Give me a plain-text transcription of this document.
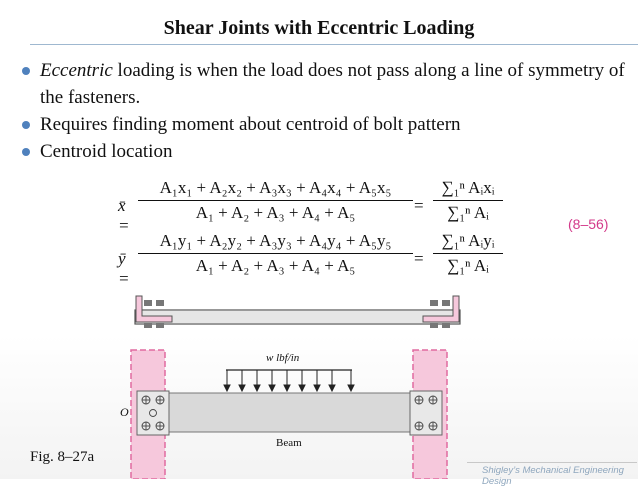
Shear Joints with Eccentric Loading
Eccentric loading is when the load does not pass along a line of symmetry of the fasteners.
Requires finding moment about centroid of bolt pattern
Centroid location
x̄ =
$\frac{\text{A₁x₁ + A₂x₂ + A₃x₃ + A₄x₄ + A₅x₅}}{\text{A₁ + A₂ + A₃ + A₄ + A₅}}$ =
∑₁ⁿ Aᵢxᵢ
∑₁ⁿ Aᵢ
ȳ =
$\frac{\text{A₁y₁ + A₂y₂ + A₃y₃ + A₄y₄ + A₅y₅}}{\text{A₁ + A₂ + A₃ + A₄ + A₅}}$ =
∑₁ⁿ Aᵢyᵢ
∑₁ⁿ Aᵢ
(8–56)
w lbf/in
O
Beam
Fig. 8–27a
Shigley’s Mechanical Engineering Design
